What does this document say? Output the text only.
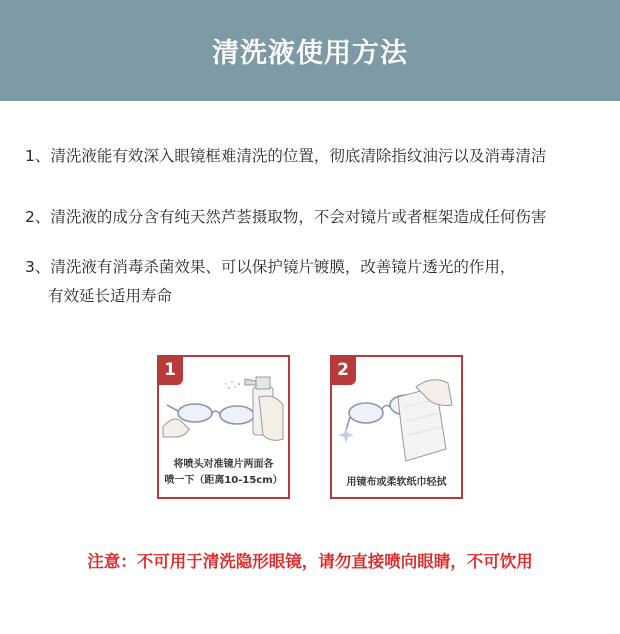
清洗液使用方法
1、清洗液能有效深入眼镜框难清洗的位置，彻底清除指纹油污以及消毒清洁
2、清洗液的成分含有纯天然芦荟摄取物，不会对镜片或者框架造成任何伤害
3、清洗液有消毒杀菌效果、可以保护镜片镀膜，改善镜片透光的作用，
有效延长适用寿命
1
将喷头对准镜片两面各
喷一下（距离10-15cm）
2
用镜布或柔软纸巾轻拭
注意：不可用于清洗隐形眼镜，请勿直接喷向眼睛，不可饮用
